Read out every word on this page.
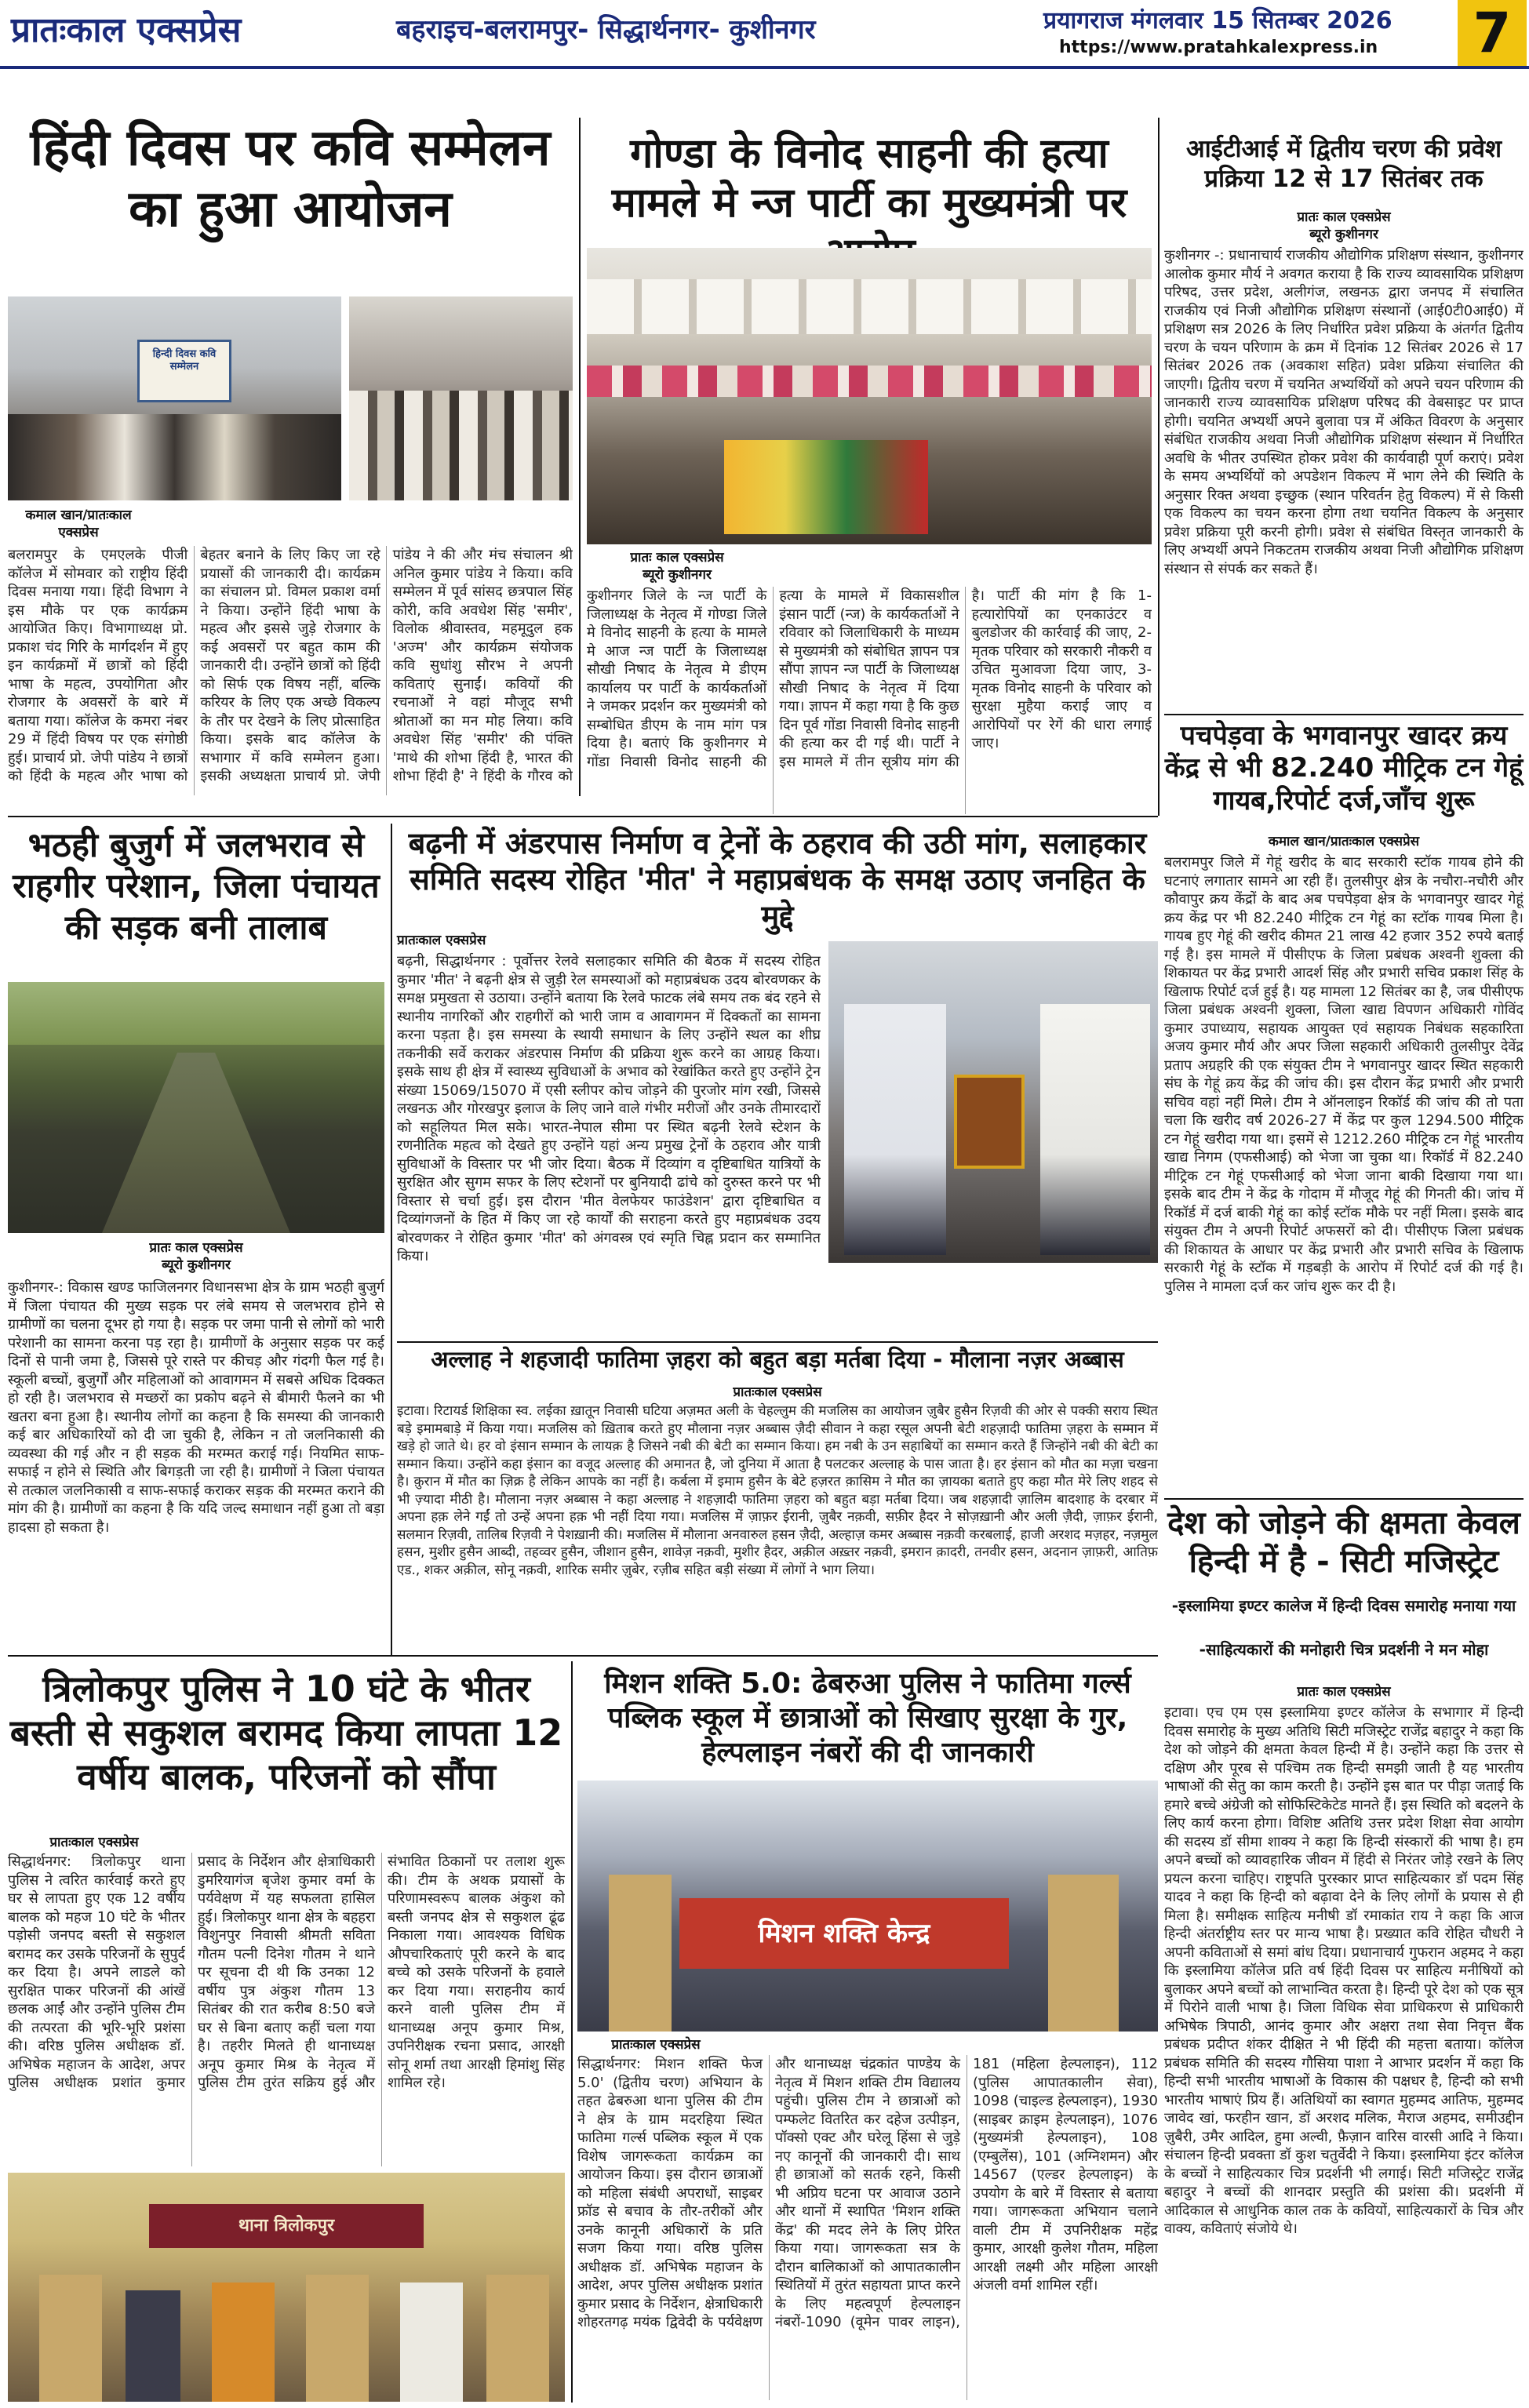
प्रातःकाल एक्सप्रेस	बहराइच-बलरामपुर- सिद्धार्थनगर- कुशीनगर	प्रयागराज मंगलवार 15 सितम्बर 2026
https://www.pratahkalexpress.in 7
हिंदी दिवस पर कवि सम्मेलन का हुआ आयोजन
हिन्दी दिवस कवि सम्मेलन
कमाल खान/प्रातःकाल एक्सप्रेस
बलरामपुर के एमएलके पीजी कॉलेज में सोमवार को राष्ट्रीय हिंदी दिवस मनाया गया। हिंदी विभाग ने इस मौके पर एक कार्यक्रम आयोजित किए। विभागाध्यक्ष प्रो. प्रकाश चंद गिरि के मार्गदर्शन में हुए इन कार्यक्रमों में छात्रों को हिंदी भाषा के महत्व, उपयोगिता और रोजगार के अवसरों के बारे में बताया गया। कॉलेज के कमरा नंबर 29 में हिंदी विषय पर एक संगोष्ठी हुई। प्राचार्य प्रो. जेपी पांडेय ने छात्रों को हिंदी के महत्व और भाषा को बेहतर बनाने के लिए किए जा रहे प्रयासों की जानकारी दी। कार्यक्रम का संचालन प्रो. विमल प्रकाश वर्मा ने किया। उन्होंने हिंदी भाषा के महत्व और इससे जुड़े रोजगार के कई अवसरों पर बहुत काम की जानकारी दी। उन्होंने छात्रों को हिंदी को सिर्फ एक विषय नहीं, बल्कि करियर के लिए एक अच्छे विकल्प के तौर पर देखने के लिए प्रोत्साहित किया। इसके बाद कॉलेज के सभागार में कवि सम्मेलन हुआ। इसकी अध्यक्षता प्राचार्य प्रो. जेपी पांडेय ने की और मंच संचालन श्री अनिल कुमार पांडेय ने किया। कवि सम्मेलन में पूर्व सांसद छत्रपाल सिंह कोरी, कवि अवधेश सिंह 'समीर', विलोक श्रीवास्तव, महमूदुल हक 'अज्म' और कार्यक्रम संयोजक कवि सुधांशु सौरभ ने अपनी कविताएं सुनाईं। कवियों की रचनाओं ने वहां मौजूद सभी श्रोताओं का मन मोह लिया। कवि अवधेश सिंह 'समीर' की पंक्ति 'माथे की शोभा हिंदी है, भारत की शोभा हिंदी है' ने हिंदी के गौरव को
गोण्डा के विनोद साहनी की हत्या मामले मे न्ज पार्टी का मुख्यमंत्री पर
प्रातः काल एक्सप्रेस
ब्यूरो कुशीनगर
कुशीनगर जिले के न्ज पार्टी के जिलाध्यक्ष के नेतृत्व में गोण्डा जिले मे विनोद साहनी के हत्या के मामले मे आज न्ज पार्टी के जिलाध्यक्ष सौखी निषाद के नेतृत्व मे डीएम कार्यालय पर पार्टी के कार्यकर्ताओं ने जमकर प्रदर्शन कर मुख्यमंत्री को सम्बोधित डीएम के नाम मांग पत्र दिया है। बताएं कि कुशीनगर मे गोंडा निवासी विनोद साहनी की हत्या के मामले में विकासशील इंसान पार्टी (न्ज) के कार्यकर्ताओं ने रविवार को जिलाधिकारी के माध्यम से मुख्यमंत्री को संबोधित ज्ञापन पत्र सौंपा ज्ञापन न्ज पार्टी के जिलाध्यक्ष सौखी निषाद के नेतृत्व में दिया गया। ज्ञापन में कहा गया है कि कुछ दिन पूर्व गोंडा निवासी विनोद साहनी की हत्या कर दी गई थी। पार्टी ने इस मामले में तीन सूत्रीय मांग की है। पार्टी की मांग है कि 1- हत्यारोपियों का एनकाउंटर व बुलडोजर की कार्रवाई की जाए, 2- मृतक परिवार को सरकारी नौकरी व उचित मुआवजा दिया जाए, 3- मृतक विनोद साहनी के परिवार को सुरक्षा मुहैया कराई जाए व आरोपियों पर रेगें की धारा लगाई जाए।
आईटीआई में द्वितीय चरण की प्रवेश प्रक्रिया 12 से 17 सितंबर तक
प्रातः काल एक्सप्रेस
ब्यूरो कुशीनगर
कुशीनगर -: प्रधानाचार्य राजकीय औद्योगिक प्रशिक्षण संस्थान, कुशीनगर आलोक कुमार मौर्य ने अवगत कराया है कि राज्य व्यावसायिक प्रशिक्षण परिषद, उत्तर प्रदेश, अलीगंज, लखनऊ द्वारा जनपद में संचालित राजकीय एवं निजी औद्योगिक प्रशिक्षण संस्थानों (आई0टी0आई0) में प्रशिक्षण सत्र 2026 के लिए निर्धारित प्रवेश प्रक्रिया के अंतर्गत द्वितीय चरण के चयन परिणाम के क्रम में दिनांक 12 सितंबर 2026 से 17 सितंबर 2026 तक (अवकाश सहित) प्रवेश प्रक्रिया संचालित की जाएगी। द्वितीय चरण में चयनित अभ्यर्थियों को अपने चयन परिणाम की जानकारी राज्य व्यावसायिक प्रशिक्षण परिषद की वेबसाइट पर प्राप्त होगी। चयनित अभ्यर्थी अपने बुलावा पत्र में अंकित विवरण के अनुसार संबंधित राजकीय अथवा निजी औद्योगिक प्रशिक्षण संस्थान में निर्धारित अवधि के भीतर उपस्थित होकर प्रवेश की कार्यवाही पूर्ण कराएं। प्रवेश के समय अभ्यर्थियों को अपडेशन विकल्प में भाग लेने की स्थिति के अनुसार रिक्त अथवा इच्छुक (स्थान परिवर्तन हेतु विकल्प) में से किसी एक विकल्प का चयन करना होगा तथा चयनित विकल्प के अनुसार प्रवेश प्रक्रिया पूरी करनी होगी। प्रवेश से संबंधित विस्तृत जानकारी के लिए अभ्यर्थी अपने निकटतम राजकीय अथवा निजी औद्योगिक प्रशिक्षण संस्थान से संपर्क कर सकते हैं।
पचपेड़वा के भगवानपुर खादर क्रय केंद्र से भी 82.240 मीट्रिक टन गेहूं गायब,रिपोर्ट दर्ज,जाँच शुरू
कमाल खान/प्रातःकाल एक्सप्रेस
बलरामपुर जिले में गेहूं खरीद के बाद सरकारी स्टॉक गायब होने की घटनाएं लगातार सामने आ रही हैं। तुलसीपुर क्षेत्र के नचौरा-नचौरी और कौवापुर क्रय केंद्रों के बाद अब पचपेड़वा क्षेत्र के भगवानपुर खादर गेहूं क्रय केंद्र पर भी 82.240 मीट्रिक टन गेहूं का स्टॉक गायब मिला है। गायब हुए गेहूं की खरीद कीमत 21 लाख 42 हजार 352 रुपये बताई गई है। इस मामले में पीसीएफ के जिला प्रबंधक अश्वनी शुक्ला की शिकायत पर केंद्र प्रभारी आदर्श सिंह और प्रभारी सचिव प्रकाश सिंह के खिलाफ रिपोर्ट दर्ज हुई है। यह मामला 12 सितंबर का है, जब पीसीएफ जिला प्रबंधक अश्वनी शुक्ला, जिला खाद्य विपणन अधिकारी गोविंद कुमार उपाध्याय, सहायक आयुक्त एवं सहायक निबंधक सहकारिता अजय कुमार मौर्य और अपर जिला सहकारी अधिकारी तुलसीपुर देवेंद्र प्रताप अग्रहरि की एक संयुक्त टीम ने भगवानपुर खादर स्थित सहकारी संघ के गेहूं क्रय केंद्र की जांच की। इस दौरान केंद्र प्रभारी और प्रभारी सचिव वहां नहीं मिले। टीम ने ऑनलाइन रिकॉर्ड की जांच की तो पता चला कि खरीद वर्ष 2026-27 में केंद्र पर कुल 1294.500 मीट्रिक टन गेहूं खरीदा गया था। इसमें से 1212.260 मीट्रिक टन गेहूं भारतीय खाद्य निगम (एफसीआई) को भेजा जा चुका था। रिकॉर्ड में 82.240 मीट्रिक टन गेहूं एफसीआई को भेजा जाना बाकी दिखाया गया था। इसके बाद टीम ने केंद्र के गोदाम में मौजूद गेहूं की गिनती की। जांच में रिकॉर्ड में दर्ज बाकी गेहूं का कोई स्टॉक मौके पर नहीं मिला। इसके बाद संयुक्त टीम ने अपनी रिपोर्ट अफसरों को दी। पीसीएफ जिला प्रबंधक की शिकायत के आधार पर केंद्र प्रभारी और प्रभारी सचिव के खिलाफ सरकारी गेहूं के स्टॉक में गड़बड़ी के आरोप में रिपोर्ट दर्ज की गई है। पुलिस ने मामला दर्ज कर जांच शुरू कर दी है।
देश को जोड़ने की क्षमता केवल हिन्दी में है - सिटी मजिस्ट्रेट
-इस्लामिया इण्टर कालेज में हिन्दी दिवस समारोह मनाया गया
-साहित्यकारों की मनोहारी चित्र प्रदर्शनी ने मन मोहा
प्रातः काल एक्सप्रेस
इटावा। एच एम एस इस्लामिया इण्टर कॉलेज के सभागार में हिन्दी दिवस समारोह के मुख्य अतिथि सिटी मजिस्ट्रेट राजेंद्र बहादुर ने कहा कि देश को जोड़ने की क्षमता केवल हिन्दी में है। उन्होंने कहा कि उत्तर से दक्षिण और पूरब से पश्चिम तक हिन्दी समझी जाती है यह भारतीय भाषाओं की सेतु का काम करती है। उन्होंने इस बात पर पीड़ा जताई कि हमारे बच्चे अंग्रेजी को सोफिस्टिकेटेड मानते हैं। इस स्थिति को बदलने के लिए कार्य करना होगा। विशिष्ट अतिथि उत्तर प्रदेश शिक्षा सेवा आयोग की सदस्य डॉ सीमा शाक्य ने कहा कि हिन्दी संस्कारों की भाषा है। हम अपने बच्चों को व्यावहारिक जीवन में हिंदी से निरंतर जोड़े रखने के लिए प्रयत्न करना चाहिए। राष्ट्रपति पुरस्कार प्राप्त साहित्यकार डॉ पदम सिंह यादव ने कहा कि हिन्दी को बढ़ावा देने के लिए लोगों के प्रयास से ही मिला है। समीक्षक साहित्य मनीषी डॉ रमाकांत राय ने कहा कि आज हिन्दी अंतर्राष्ट्रीय स्तर पर मान्य भाषा है। प्रख्यात कवि रोहित चौधरी ने अपनी कविताओं से समां बांध दिया। प्रधानाचार्य गुफरान अहमद ने कहा कि इस्लामिया कॉलेज प्रति वर्ष हिंदी दिवस पर साहित्य मनीषियों को बुलाकर अपने बच्चों को लाभान्वित करता है। हिन्दी पूरे देश को एक सूत्र में पिरोने वाली भाषा है। जिला विधिक सेवा प्राधिकरण से प्राधिकारी अभिषेक त्रिपाठी, आनंद कुमार और अक्षरा तथा सेवा निवृत्त बैंक प्रबंधक प्रदीप्त शंकर दीक्षित ने भी हिंदी की महत्ता बताया। कॉलेज प्रबंधक समिति की सदस्य गौसिया पाशा ने आभार प्रदर्शन में कहा कि हिन्दी सभी भारतीय भाषाओं के विकास की पक्षधर है, हिन्दी को सभी भारतीय भाषाएं प्रिय हैं। अतिथियों का स्वागत मुहम्मद आतिफ, मुहम्मद जावेद खां, फरहीन खान, डॉ अरशद मलिक, मैराज अहमद, समीउद्दीन ज़ुबैरी, उमैर आदिल, हुमा अल्वी, फ़ैज़ान वारिस वारसी आदि ने किया। संचालन हिन्दी प्रवक्ता डॉ कुश चतुर्वेदी ने किया। इस्लामिया इंटर कॉलेज के बच्चों ने साहित्यकार चित्र प्रदर्शनी भी लगाई। सिटी मजिस्ट्रेट राजेंद्र बहादुर ने बच्चों की शानदार प्रस्तुति की प्रशंसा की। प्रदर्शनी में आदिकाल से आधुनिक काल तक के कवियों, साहित्यकारों के चित्र और वाक्य, कविताएं संजोये थे।
भठही बुजुर्ग में जलभराव से राहगीर परेशान, जिला पंचायत की सड़क बनी तालाब
प्रातः काल एक्सप्रेस
ब्यूरो कुशीनगर
कुशीनगर-: विकास खण्ड फाजिलनगर विधानसभा क्षेत्र के ग्राम भठही बुजुर्ग में जिला पंचायत की मुख्य सड़क पर लंबे समय से जलभराव होने से ग्रामीणों का चलना दूभर हो गया है। सड़क पर जमा पानी से लोगों को भारी परेशानी का सामना करना पड़ रहा है। ग्रामीणों के अनुसार सड़क पर कई दिनों से पानी जमा है, जिससे पूरे रास्ते पर कीचड़ और गंदगी फैल गई है। स्कूली बच्चों, बुजुर्गों और महिलाओं को आवागमन में सबसे अधिक दिक्कत हो रही है। जलभराव से मच्छरों का प्रकोप बढ़ने से बीमारी फैलने का भी खतरा बना हुआ है। स्थानीय लोगों का कहना है कि समस्या की जानकारी कई बार अधिकारियों को दी जा चुकी है, लेकिन न तो जलनिकासी की व्यवस्था की गई और न ही सड़क की मरम्मत कराई गई। नियमित साफ-सफाई न होने से स्थिति और बिगड़ती जा रही है। ग्रामीणों ने जिला पंचायत से तत्काल जलनिकासी व साफ-सफाई कराकर सड़क की मरम्मत कराने की मांग की है। ग्रामीणों का कहना है कि यदि जल्द समाधान नहीं हुआ तो बड़ा हादसा हो सकता है।
बढ़नी में अंडरपास निर्माण व ट्रेनों के ठहराव की उठी मांग, सलाहकार समिति सदस्य रोहित 'मीत' ने महाप्रबंधक के समक्ष उठाए जनहित के मुद्दे
प्रातःकाल एक्सप्रेस
बढ़नी, सिद्धार्थनगर : पूर्वोत्तर रेलवे सलाहकार समिति की बैठक में सदस्य रोहित कुमार 'मीत' ने बढ़नी क्षेत्र से जुड़ी रेल समस्याओं को महाप्रबंधक उदय बोरवणकर के समक्ष प्रमुखता से उठाया। उन्होंने बताया कि रेलवे फाटक लंबे समय तक बंद रहने से स्थानीय नागरिकों और राहगीरों को भारी जाम व आवागमन में दिक्कतों का सामना करना पड़ता है। इस समस्या के स्थायी समाधान के लिए उन्होंने स्थल का शीघ्र तकनीकी सर्वे कराकर अंडरपास निर्माण की प्रक्रिया शुरू करने का आग्रह किया। इसके साथ ही क्षेत्र में स्वास्थ्य सुविधाओं के अभाव को रेखांकित करते हुए उन्होंने ट्रेन संख्या 15069/15070 में एसी स्लीपर कोच जोड़ने की पुरजोर मांग रखी, जिससे लखनऊ और गोरखपुर इलाज के लिए जाने वाले गंभीर मरीजों और उनके तीमारदारों को सहूलियत मिल सके। भारत-नेपाल सीमा पर स्थित बढ़नी रेलवे स्टेशन के रणनीतिक महत्व को देखते हुए उन्होंने यहां अन्य प्रमुख ट्रेनों के ठहराव और यात्री सुविधाओं के विस्तार पर भी जोर दिया। बैठक में दिव्यांग व दृष्टिबाधित यात्रियों के सुरक्षित और सुगम सफर के लिए स्टेशनों पर बुनियादी ढांचे को दुरुस्त करने पर भी विस्तार से चर्चा हुई। इस दौरान 'मीत वेलफेयर फाउंडेशन' द्वारा दृष्टिबाधित व दिव्यांगजनों के हित में किए जा रहे कार्यों की सराहना करते हुए महाप्रबंधक उदय बोरवणकर ने रोहित कुमार 'मीत' को अंगवस्त्र एवं स्मृति चिह्न प्रदान कर सम्मानित किया।
अल्लाह ने शहजादी फातिमा ज़हरा को बहुत बड़ा मर्तबा दिया - मौलाना नज़र अब्बास
प्रातःकाल एक्सप्रेस
इटावा। रिटायर्ड शिक्षिका स्व. लईका ख़ातून निवासी घटिया अज़मत अली के चेहल्लुम की मजलिस का आयोजन ज़ुबैर हुसैन रिज़वी की ओर से पक्की सराय स्थित बड़े इमामबाड़े में किया गया। मजलिस को ख़िताब करते हुए मौलाना नज़र अब्बास ज़ैदी सीवान ने कहा रसूल अपनी बेटी शहज़ादी फातिमा ज़हरा के सम्मान में खड़े हो जाते थे। हर वो इंसान सम्मान के लायक़ है जिसने नबी की बेटी का सम्मान किया। हम नबी के उन सहाबियों का सम्मान करते हैं जिन्होंने नबी की बेटी का सम्मान किया। उन्होंने कहा इंसान का वजूद अल्लाह की अमानत है, जो दुनिया में आता है पलटकर अल्लाह के पास जाता है। हर इंसान को मौत का मज़ा चखना है। क़ुरान में मौत का ज़िक्र है लेकिन आपके का नहीं है। कर्बला में इमाम हुसैन के बेटे हज़रत क़ासिम ने मौत का ज़ायका बताते हुए कहा मौत मेरे लिए शहद से भी ज़्यादा मीठी है। मौलाना नज़र अब्बास ने कहा अल्लाह ने शहज़ादी फातिमा ज़हरा को बहुत बड़ा मर्तबा दिया। जब शहज़ादी ज़ालिम बादशाह के दरबार में अपना हक़ लेने गईं तो उन्हें अपना हक़ भी नहीं दिया गया। मजलिस में ज़ाफ़र ईरानी, ज़ुबैर नक़वी, सफ़ीर हैदर ने सोज़ख़ानी और अली ज़ैदी, ज़ाफ़र ईरानी, सलमान रिज़वी, तालिब रिज़वी ने पेशख़ानी की। मजलिस में मौलाना अनवारुल हसन ज़ैदी, अल्हाज़ कमर अब्बास नक़वी करबलाई, हाजी अरशद मज़हर, नज़मुल हसन, मुशीर हुसैन आब्दी, तहव्वर हुसैन, जीशान हुसैन, शावेज़ नक़वी, मुशीर हैदर, अक़ील अख़्तर नक़वी, इमरान क़ादरी, तनवीर हसन, अदनान ज़ाफ़री, आतिफ़ एड., शकर अक़ील, सोनू नक़वी, शारिक समीर ज़ुबेर, रज़ीब सहित बड़ी संख्या में लोगों ने भाग लिया।
त्रिलोकपुर पुलिस ने 10 घंटे के भीतर बस्ती से सकुशल बरामद किया लापता 12 वर्षीय बालक, परिजनों को सौंपा
प्रातःकाल एक्सप्रेस
सिद्धार्थनगर: त्रिलोकपुर थाना पुलिस ने त्वरित कार्रवाई करते हुए घर से लापता हुए एक 12 वर्षीय बालक को महज 10 घंटे के भीतर पड़ोसी जनपद बस्ती से सकुशल बरामद कर उसके परिजनों के सुपुर्द कर दिया है। अपने लाडले को सुरक्षित पाकर परिजनों की आंखें छलक आईं और उन्होंने पुलिस टीम की तत्परता की भूरि-भूरि प्रशंसा की। वरिष्ठ पुलिस अधीक्षक डॉ. अभिषेक महाजन के आदेश, अपर पुलिस अधीक्षक प्रशांत कुमार प्रसाद के निर्देशन और क्षेत्राधिकारी डुमरियागंज बृजेश कुमार वर्मा के पर्यवेक्षण में यह सफलता हासिल हुई। त्रिलोकपुर थाना क्षेत्र के बहहरा विशुनपुर निवासी श्रीमती सविता गौतम पत्नी दिनेश गौतम ने थाने पर सूचना दी थी कि उनका 12 वर्षीय पुत्र अंकुश गौतम 13 सितंबर की रात करीब 8:50 बजे घर से बिना बताए कहीं चला गया है। तहरीर मिलते ही थानाध्यक्ष अनूप कुमार मिश्र के नेतृत्व में पुलिस टीम तुरंत सक्रिय हुई और संभावित ठिकानों पर तलाश शुरू की। टीम के अथक प्रयासों के परिणामस्वरूप बालक अंकुश को बस्ती जनपद क्षेत्र से सकुशल ढूंढ निकाला गया। आवश्यक विधिक औपचारिकताएं पूरी करने के बाद बच्चे को उसके परिजनों के हवाले कर दिया गया। सराहनीय कार्य करने वाली पुलिस टीम में थानाध्यक्ष अनूप कुमार मिश्र, उपनिरीक्षक रचना प्रसाद, आरक्षी सोनू शर्मा तथा आरक्षी हिमांशु सिंह शामिल रहे।
थाना त्रिलोकपुर
मिशन शक्ति 5.0: ढेबरुआ पुलिस ने फातिमा गर्ल्स पब्लिक स्कूल में छात्राओं को सिखाए सुरक्षा के गुर, हेल्पलाइन नंबरों की दी जानकारी
मिशन शक्ति केन्द्र
प्रातःकाल एक्सप्रेस
सिद्धार्थनगर: मिशन शक्ति फेज 5.0' (द्वितीय चरण) अभियान के तहत ढेबरुआ थाना पुलिस की टीम ने क्षेत्र के ग्राम मदरहिया स्थित फातिमा गर्ल्स पब्लिक स्कूल में एक विशेष जागरूकता कार्यक्रम का आयोजन किया। इस दौरान छात्राओं को महिला संबंधी अपराधों, साइबर फ्रॉड से बचाव के तौर-तरीकों और उनके कानूनी अधिकारों के प्रति सजग किया गया। वरिष्ठ पुलिस अधीक्षक डॉ. अभिषेक महाजन के आदेश, अपर पुलिस अधीक्षक प्रशांत कुमार प्रसाद के निर्देशन, क्षेत्राधिकारी शोहरतगढ़ मयंक द्विवेदी के पर्यवेक्षण और थानाध्यक्ष चंद्रकांत पाण्डेय के नेतृत्व में मिशन शक्ति टीम विद्यालय पहुंची। पुलिस टीम ने छात्राओं को पम्फलेट वितरित कर दहेज उत्पीड़न, पॉक्सो एक्ट और घरेलू हिंसा से जुड़े नए कानूनों की जानकारी दी। साथ ही छात्राओं को सतर्क रहने, किसी भी अप्रिय घटना पर आवाज उठाने और थानों में स्थापित 'मिशन शक्ति केंद्र' की मदद लेने के लिए प्रेरित किया गया। जागरूकता सत्र के दौरान बालिकाओं को आपातकालीन स्थितियों में तुरंत सहायता प्राप्त करने के लिए महत्वपूर्ण हेल्पलाइन नंबरों-1090 (वूमेन पावर लाइन), 181 (महिला हेल्पलाइन), 112 (पुलिस आपातकालीन सेवा), 1098 (चाइल्ड हेल्पलाइन), 1930 (साइबर क्राइम हेल्पलाइन), 1076 (मुख्यमंत्री हेल्पलाइन), 108 (एम्बुलेंस), 101 (अग्निशमन) और 14567 (एल्डर हेल्पलाइन) के उपयोग के बारे में विस्तार से बताया गया। जागरूकता अभियान चलाने वाली टीम में उपनिरीक्षक महेंद्र कुमार, आरक्षी कुलेश गौतम, महिला आरक्षी लक्ष्मी और महिला आरक्षी अंजली वर्मा शामिल रहीं।
